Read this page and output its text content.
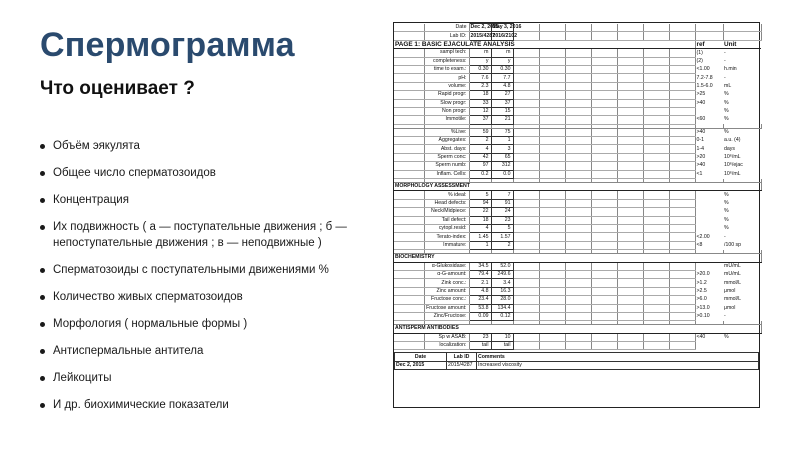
Спермограмма
Что оценивает ?
Объём эякулята
Общее число сперматозоидов
Концентрация
Их подвижность ( а — поступательные движения ; б — непоступательные движения ; в — неподвижные )
Сперматозоиды с поступательными движениями %
Количество живых сперматозоидов
Морфология ( нормальные формы )
Антиспермальные антитела
Лейкоциты
И др. биохимические показатели
	Date	Dec 2, 2015	May 3, 2016									
	Lab ID:	2015/4287	2016/2102									
PAGE 1: BASIC EJACULATE ANALYSIS											ref	Unit
	sampl tech:	m	m								(1)	-
	completeness:	y	y								(2)	-
	time to exam.:	0.30	0.30								<1.00	h.min
	pH:	7.6	7.7								7.2-7.8	-
	volume:	2.3	4.8								1.5-6.0	mL
	Rapid progr:	18	27								>25	%
	Slow progr:	33	37								>40	%
	Non progr:	12	15									%
	Immotile:	37	21								<60	%

	%Live:	59	75								>40	%
	Aggregates:	2	1								0-1	a.u. (4)
	Abst. days:	4	3								1-4	days
	Sperm conc:	42	65								>20	10⁶/mL
	Sperm numb:	97	312								>40	10⁶/ejac
	Inflam. Cells:	0.2	0.0								<1	10⁶/mL

MORPHOLOGY ASSESSMENT												
	% ideal:	5	7									%
	Head defects:	94	91									%
	Neck/Midpiece:	22	24									%
	Tail defect:	18	23									%
	cytopl.resid:	4	5									%
	Terato-index:	1.45	1.57								<2.00	-
	Immature:	1	2								<8	/100 sp

BIOCHEMISTRY												
	α-Glukosidase:	34.5	52.0									mU/mL
	α-G-amount:	79.4	249.6								>20.0	mU/mL
	Zink conc.:	2.1	3.4								>1.2	mmol/L
	Zinc amount:	4.8	16.3								>2.5	μmol
	Fructose conc.:	23.4	28.0								>6.0	mmol/L
	Fructose amount:	53.8	134.4								>13.0	μmol
	Zinc/Fructose:	0.09	0.12								>0.10	-

ANTISPERM ANTIBODIES												
	Sp w ASAB:	23	10								<40	%
	localization:	tail	tail									
Date	Lab ID	Comments
Dec 2, 2015	2015/4287	Increased viscosity
